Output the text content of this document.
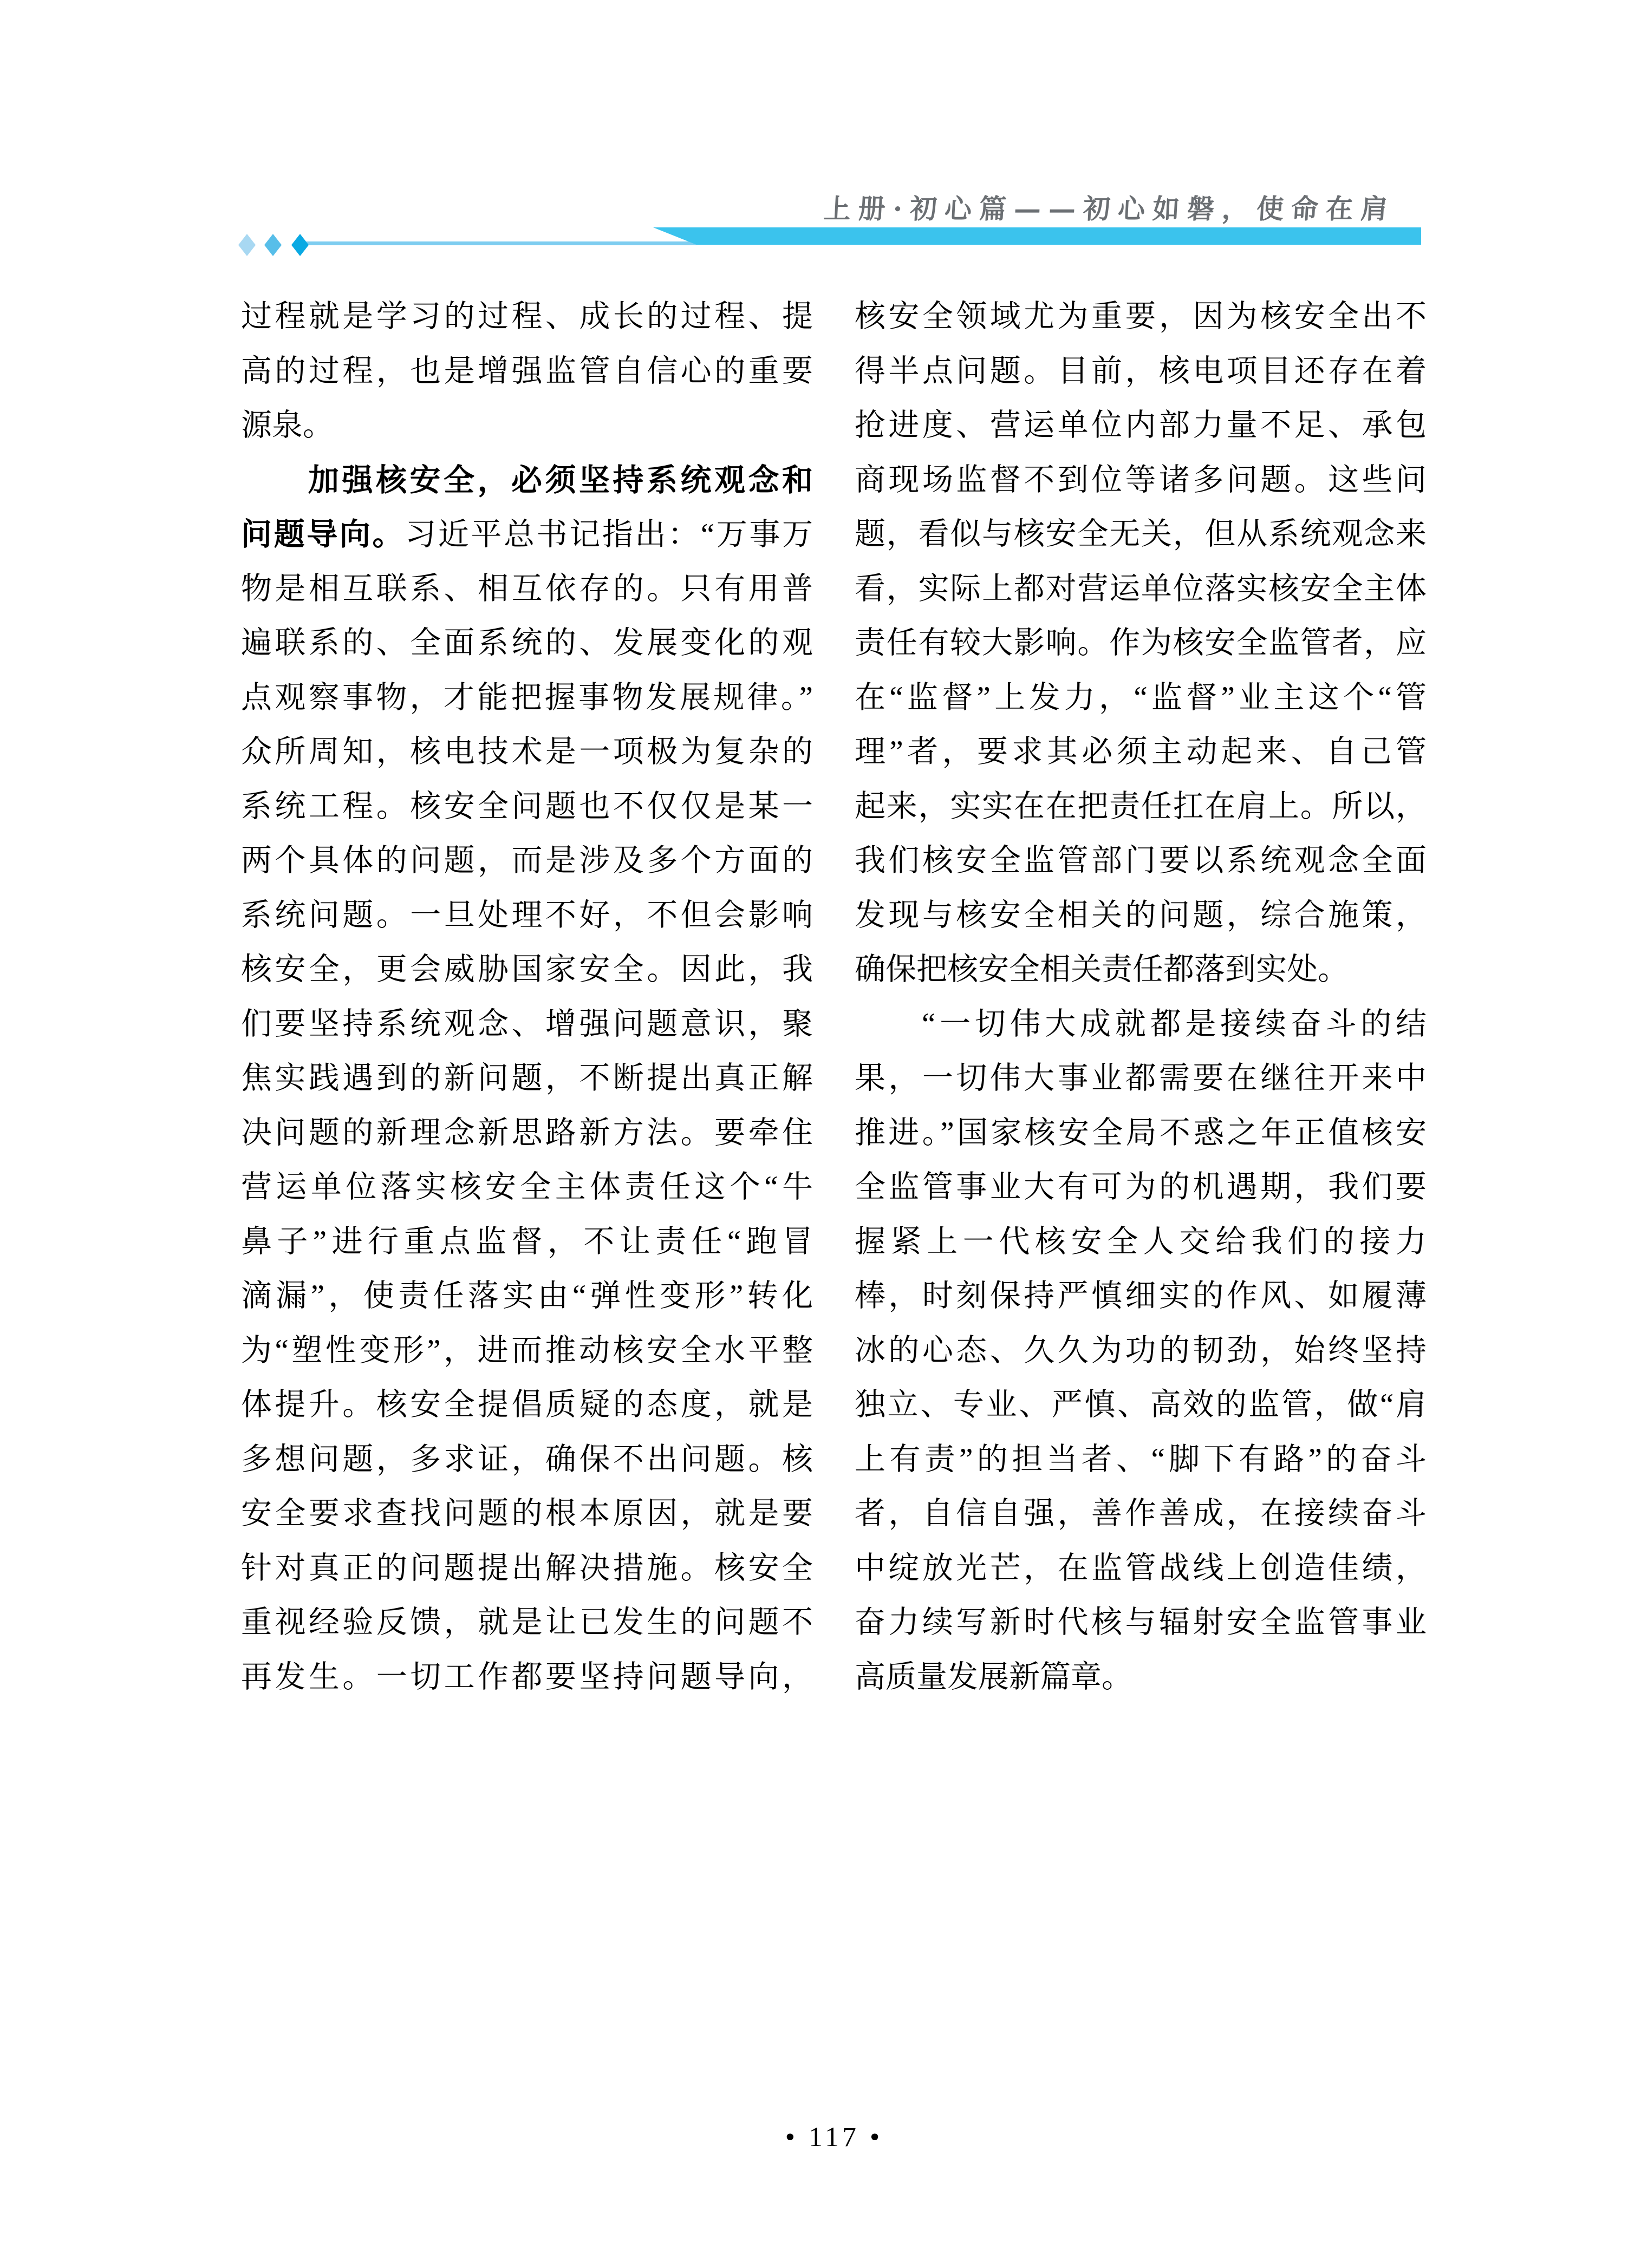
上册·初心篇——初心如磐，使命在肩
过程就是学习的过程、成长的过程、提
高的过程，也是增强监管自信心的重要
源泉。
加强核安全，必须坚持系统观念和
问题导向。习近平总书记指出：“万事万
物是相互联系、相互依存的。只有用普
遍联系的、全面系统的、发展变化的观
点观察事物，才能把握事物发展规律。”
众所周知，核电技术是一项极为复杂的
系统工程。核安全问题也不仅仅是某一
两个具体的问题，而是涉及多个方面的
系统问题。一旦处理不好，不但会影响
核安全，更会威胁国家安全。因此，我
们要坚持系统观念、增强问题意识，聚
焦实践遇到的新问题，不断提出真正解
决问题的新理念新思路新方法。要牵住
营运单位落实核安全主体责任这个“牛
鼻子”进行重点监督，不让责任“跑冒
滴漏”，使责任落实由“弹性变形”转化
为“塑性变形”，进而推动核安全水平整
体提升。核安全提倡质疑的态度，就是
多想问题，多求证，确保不出问题。核
安全要求查找问题的根本原因，就是要
针对真正的问题提出解决措施。核安全
重视经验反馈，就是让已发生的问题不
再发生。一切工作都要坚持问题导向，
核安全领域尤为重要，因为核安全出不
得半点问题。目前，核电项目还存在着
抢进度、营运单位内部力量不足、承包
商现场监督不到位等诸多问题。这些问
题，看似与核安全无关，但从系统观念来
看，实际上都对营运单位落实核安全主体
责任有较大影响。作为核安全监管者，应
在“监督”上发力，“监督”业主这个“管
理”者，要求其必须主动起来、自己管
起来，实实在在把责任扛在肩上。所以，
我们核安全监管部门要以系统观念全面
发现与核安全相关的问题，综合施策，
确保把核安全相关责任都落到实处。
“一切伟大成就都是接续奋斗的结
果，一切伟大事业都需要在继往开来中
推进。”国家核安全局不惑之年正值核安
全监管事业大有可为的机遇期，我们要
握紧上一代核安全人交给我们的接力
棒，时刻保持严慎细实的作风、如履薄
冰的心态、久久为功的韧劲，始终坚持
独立、专业、严慎、高效的监管，做“肩
上有责”的担当者、“脚下有路”的奋斗
者，自信自强，善作善成，在接续奋斗
中绽放光芒，在监管战线上创造佳绩，
奋力续写新时代核与辐射安全监管事业
高质量发展新篇章。
• 117 •
